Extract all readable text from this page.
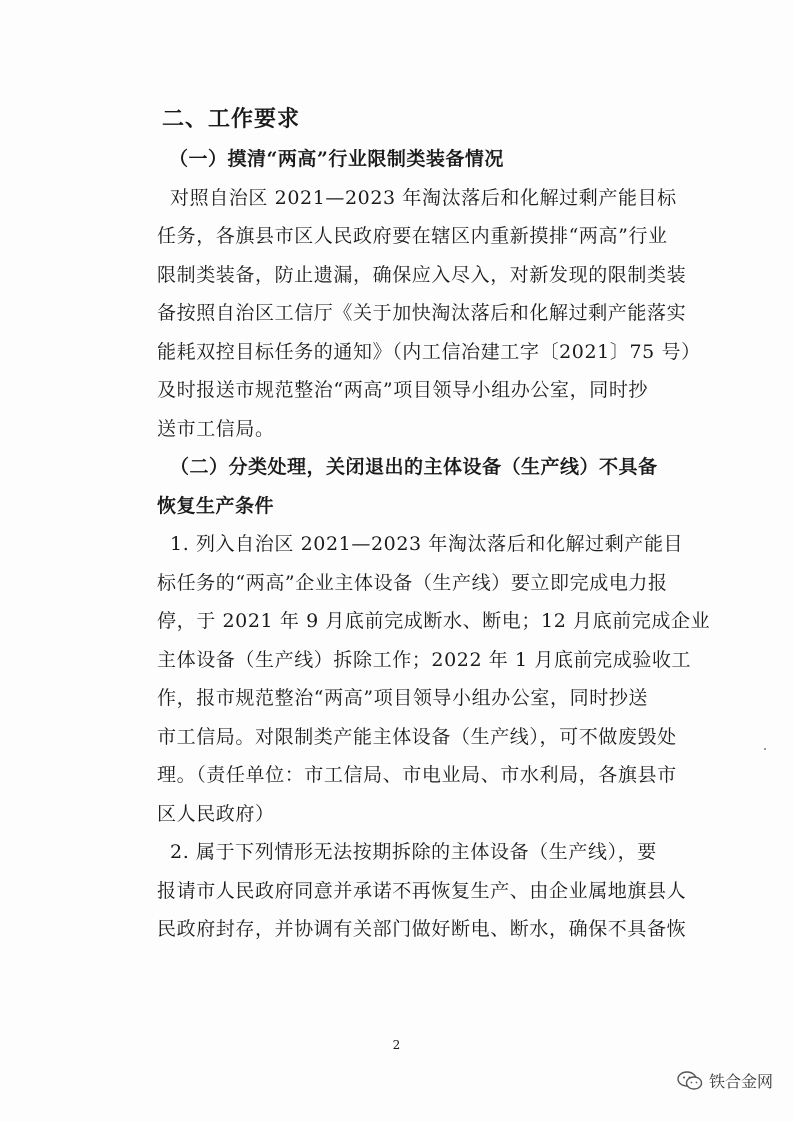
二、工作要求
（一）摸清“两高”行业限制类装备情况
对照自治区 2021—2023 年淘汰落后和化解过剩产能目标
任务，各旗县市区人民政府要在辖区内重新摸排“两高”行业
限制类装备，防止遗漏，确保应入尽入，对新发现的限制类装
备按照自治区工信厅《关于加快淘汰落后和化解过剩产能落实
能耗双控目标任务的通知》（内工信冶建工字〔2021〕75 号）
及时报送市规范整治“两高”项目领导小组办公室，同时抄
送市工信局。
（二）分类处理，关闭退出的主体设备（生产线）不具备
恢复生产条件
1. 列入自治区 2021—2023 年淘汰落后和化解过剩产能目
标任务的“两高”企业主体设备（生产线）要立即完成电力报
停，于 2021 年 9 月底前完成断水、断电；12 月底前完成企业
主体设备（生产线）拆除工作；2022 年 1 月底前完成验收工
作，报市规范整治“两高”项目领导小组办公室，同时抄送
市工信局。对限制类产能主体设备（生产线），可不做废毁处
理。（责任单位：市工信局、市电业局、市水利局，各旗县市
区人民政府）
2. 属于下列情形无法按期拆除的主体设备（生产线），要
报请市人民政府同意并承诺不再恢复生产、由企业属地旗县人
民政府封存，并协调有关部门做好断电、断水，确保不具备恢
2
铁合金网
